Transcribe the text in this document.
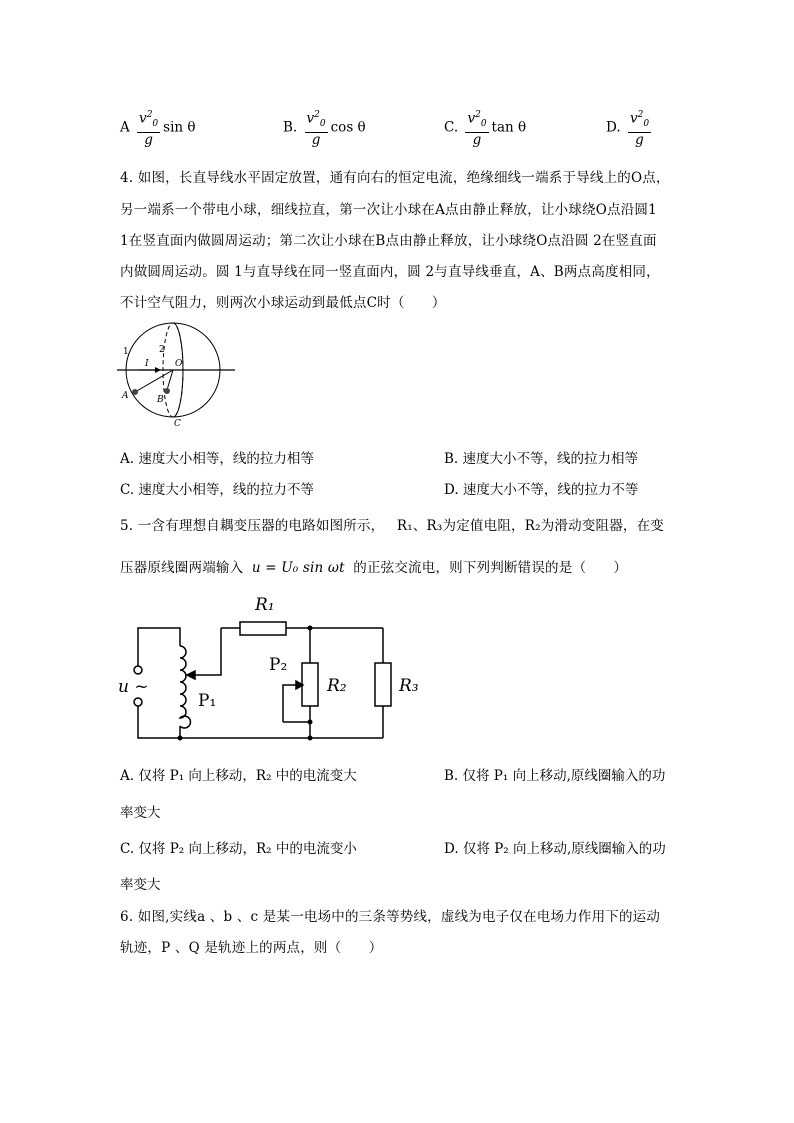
A $\frac{v^2_0}{g}$ sin θ	B. $\frac{v^2_0}{g}$ cos θ	C. $\frac{v^2_0}{g}$ tan θ	D. $\frac{v^2_0}{g}$
4. 如图，长直导线水平固定放置，通有向右的恒定电流，绝缘细线一端系于导线上的O点，
另一端系一个带电小球，细线拉直，第一次让小球在A点由静止释放，让小球绕O点沿圆1
1在竖直面内做圆周运动；第二次让小球在B点由静止释放，让小球绕O点沿圆 2在竖直面
内做圆周运动。圆 1与直导线在同一竖直面内，圆 2与直导线垂直，A、B两点高度相同，
不计空气阻力，则两次小球运动到最低点C时（　　）
1	2
I	O
A	B
C
A. 速度大小相等，线的拉力相等	B. 速度大小不等，线的拉力相等
C. 速度大小相等，线的拉力不等	D. 速度大小不等，线的拉力不等
5. 一含有理想自耦变压器的电路如图所示， R₁、R₃为定值电阻，R₂为滑动变阻器，在变
压器原线圈两端输入 u = U₀ sin ωt 的正弦交流电，则下列判断错误的是（　　）
R₁
R₂	R₃
P₁
P₂
u ~
A. 仅将 P₁ 向上移动，R₂ 中的电流变大	B. 仅将 P₁ 向上移动,原线圈输入的功
率变大
C. 仅将 P₂ 向上移动，R₂ 中的电流变小	D. 仅将 P₂ 向上移动,原线圈输入的功
率变大
6. 如图,实线a 、b 、c 是某一电场中的三条等势线，虚线为电子仅在电场力作用下的运动
轨迹，P 、Q 是轨迹上的两点，则（　　）
